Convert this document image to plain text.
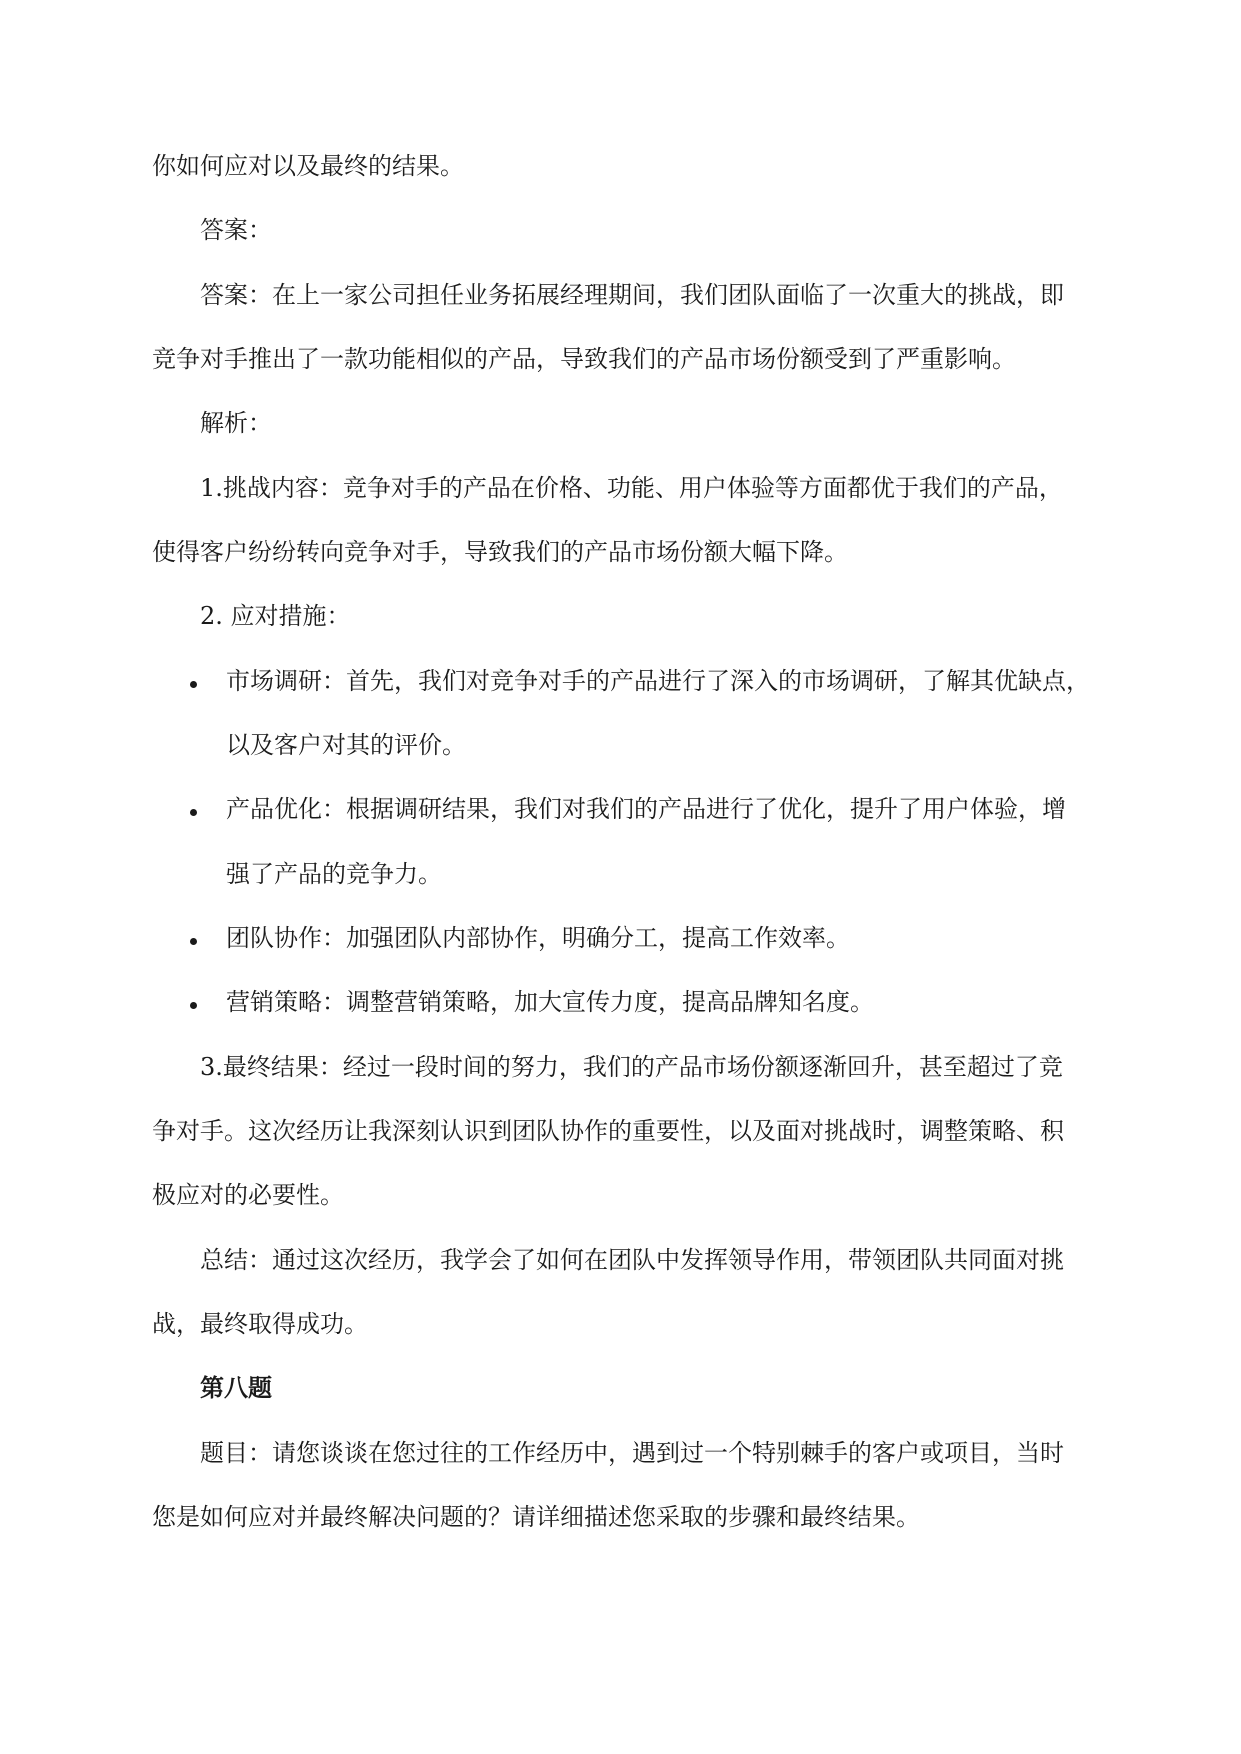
你如何应对以及最终的结果。
答案：
答案：在上一家公司担任业务拓展经理期间，我们团队面临了一次重大的挑战，即
竞争对手推出了一款功能相似的产品，导致我们的产品市场份额受到了严重影响。
解析：
1.挑战内容：竞争对手的产品在价格、功能、用户体验等方面都优于我们的产品，
使得客户纷纷转向竞争对手，导致我们的产品市场份额大幅下降。
2. 应对措施：
市场调研：首先，我们对竞争对手的产品进行了深入的市场调研，了解其优缺点，
以及客户对其的评价。
产品优化：根据调研结果，我们对我们的产品进行了优化，提升了用户体验，增
强了产品的竞争力。
团队协作：加强团队内部协作，明确分工，提高工作效率。
营销策略：调整营销策略，加大宣传力度，提高品牌知名度。
3.最终结果：经过一段时间的努力，我们的产品市场份额逐渐回升，甚至超过了竞
争对手。这次经历让我深刻认识到团队协作的重要性，以及面对挑战时，调整策略、积
极应对的必要性。
总结：通过这次经历，我学会了如何在团队中发挥领导作用，带领团队共同面对挑
战，最终取得成功。
第八题
题目：请您谈谈在您过往的工作经历中，遇到过一个特别棘手的客户或项目，当时
您是如何应对并最终解决问题的？请详细描述您采取的步骤和最终结果。
